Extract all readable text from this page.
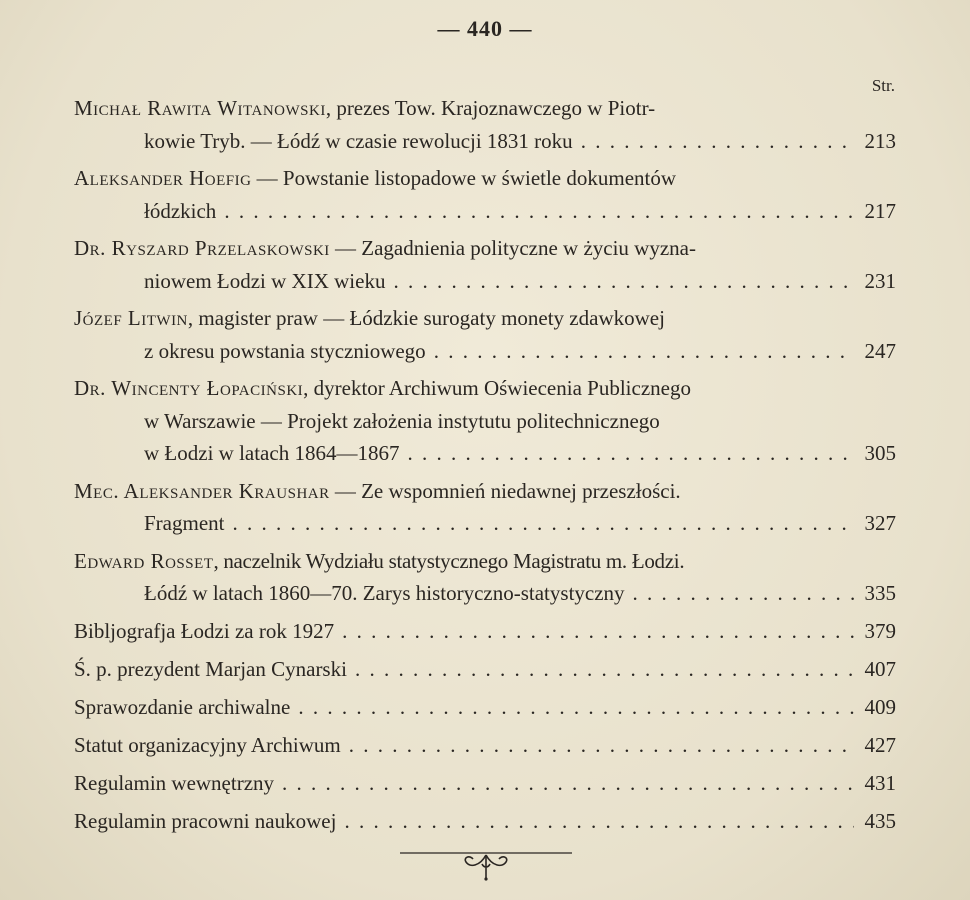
— 440 —
Str.
Michał Rawita Witanowski, prezes Tow. Krajoznawczego w Piotr-
kowie Tryb. — Łódź w czasie rewolucji 1831 roku . . .	213
Aleksander Hoefig — Powstanie listopadowe w świetle dokumentów
łódzkich . . .	217
Dr. Ryszard Przelaskowski — Zagadnienia polityczne w życiu wyzna-
niowem Łodzi w XIX wieku . . .	231
Józef Litwin, magister praw — Łódzkie surogaty monety zdawkowej
z okresu powstania styczniowego . . .	247
Dr. Wincenty Łopaciński, dyrektor Archiwum Oświecenia Publicznego
w Warszawie — Projekt założenia instytutu politechnicznego
w Łodzi w latach 1864—1867 . . .	305
Mec. Aleksander Kraushar — Ze wspomnień niedawnej przeszłości.
Fragment . . .	327
Edward Rosset, naczelnik Wydziału statystycznego Magistratu m. Łodzi.
Łódź w latach 1860—70. Zarys historyczno-statystyczny . . .	335
Bibljografja Łodzi za rok 1927 . . .	379
Ś. p. prezydent Marjan Cynarski . . .	407
Sprawozdanie archiwalne . . .	409
Statut organizacyjny Archiwum . . .	427
Regulamin wewnętrzny . . .	431
Regulamin pracowni naukowej . . .	435
